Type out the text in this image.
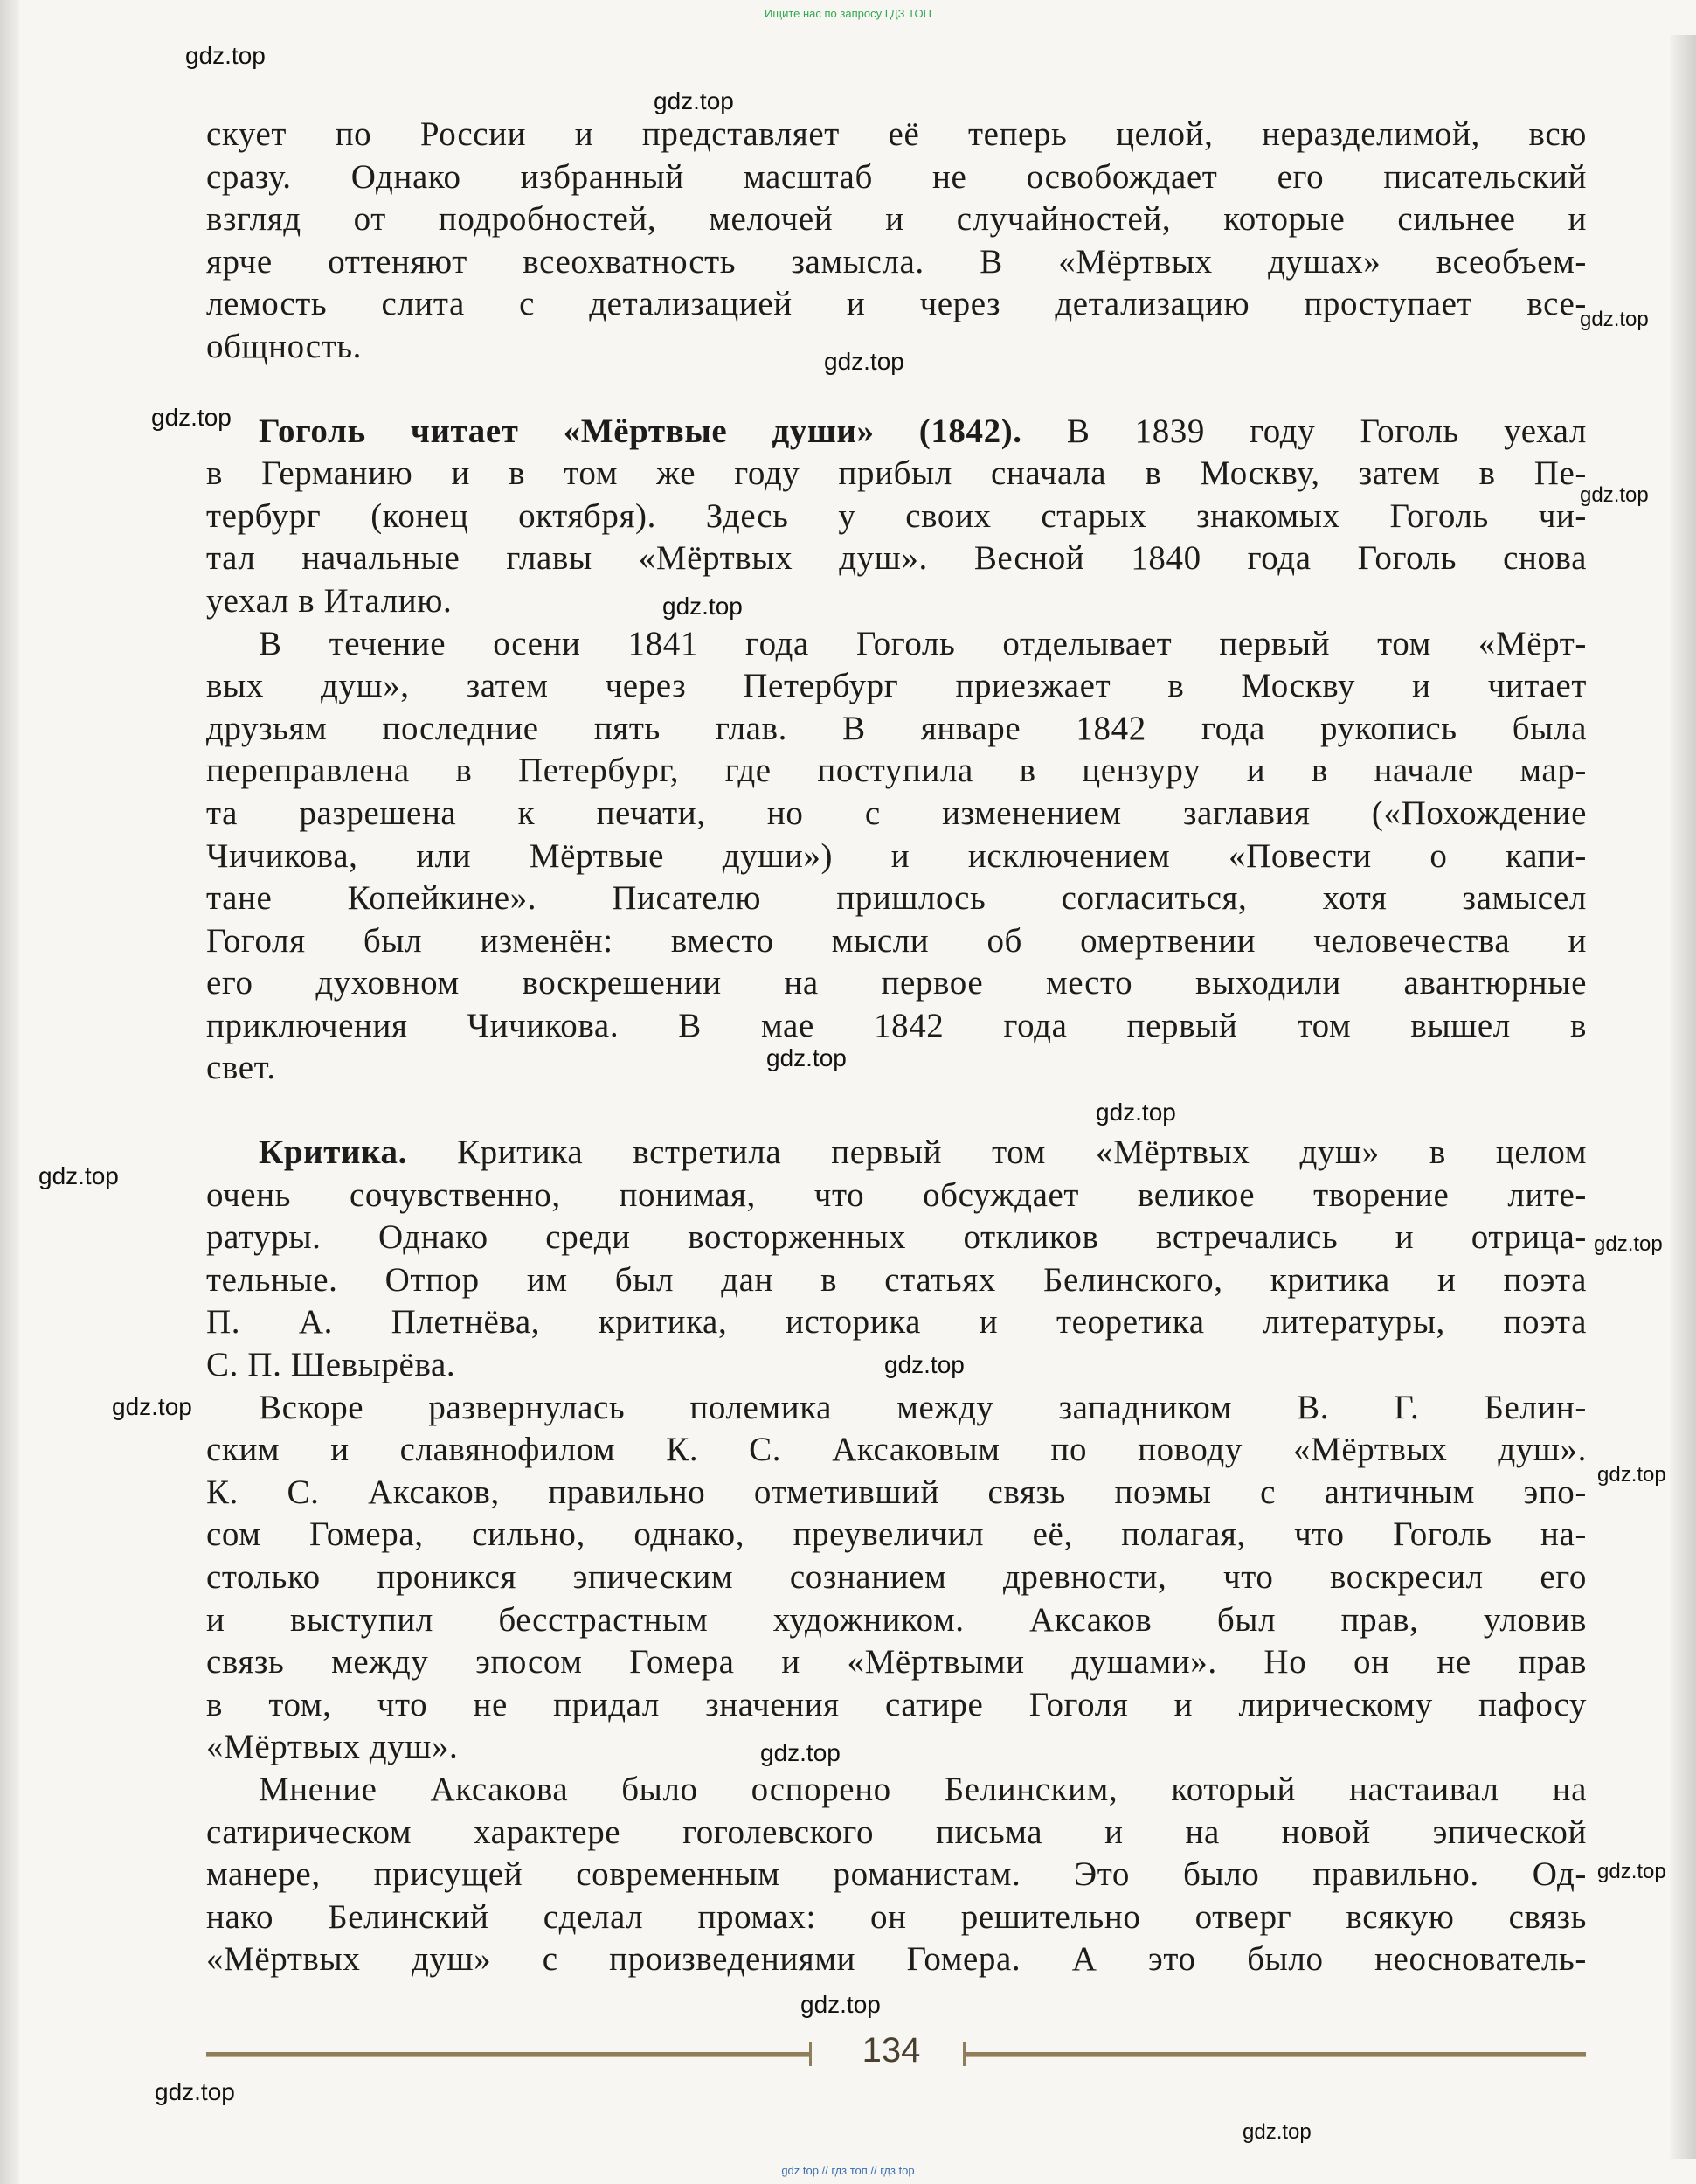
Ищите нас по запросу ГДЗ ТОП
gdz.top
gdz.top
gdz.top
gdz.top
gdz.top
gdz.top
gdz.top
gdz.top
gdz.top
gdz.top
gdz.top
gdz.top
gdz.top
gdz.top
gdz.top
gdz.top
gdz.top
gdz.top
gdz.top
скует по России и представляет её теперь целой, неразделимой, всю
сразу. Однако избранный масштаб не освобождает его писательский
взгляд от подробностей, мелочей и случайностей, которые сильнее и
ярче оттеняют всеохватность замысла. В «Мёртвых душах» всеобъем-
лемость слита с детализацией и через детализацию проступает все-
общность.
Гоголь читает «Мёртвые души» (1842). В 1839 году Гоголь уехал
в Германию и в том же году прибыл сначала в Москву, затем в Пе-
тербург (конец октября). Здесь у своих старых знакомых Гоголь чи-
тал начальные главы «Мёртвых душ». Весной 1840 года Гоголь снова
уехал в Италию.
В течение осени 1841 года Гоголь отделывает первый том «Мёрт-
вых душ», затем через Петербург приезжает в Москву и читает
друзьям последние пять глав. В январе 1842 года рукопись была
переправлена в Петербург, где поступила в цензуру и в начале мар-
та разрешена к печати, но с изменением заглавия («Похождение
Чичикова, или Мёртвые души») и исключением «Повести о капи-
тане Копейкине». Писателю пришлось согласиться, хотя замысел
Гоголя был изменён: вместо мысли об омертвении человечества и
его духовном воскрешении на первое место выходили авантюрные
приключения Чичикова. В мае 1842 года первый том вышел в
свет.
Критика. Критика встретила первый том «Мёртвых душ» в целом
очень сочувственно, понимая, что обсуждает великое творение лите-
ратуры. Однако среди восторженных откликов встречались и отрица-
тельные. Отпор им был дан в статьях Белинского, критика и поэта
П. А. Плетнёва, критика, историка и теоретика литературы, поэта
С. П. Шевырёва.
Вскоре развернулась полемика между западником В. Г. Белин-
ским и славянофилом К. С. Аксаковым по поводу «Мёртвых душ».
К. С. Аксаков, правильно отметивший связь поэмы с античным эпо-
сом Гомера, сильно, однако, преувеличил её, полагая, что Гоголь на-
столько проникся эпическим сознанием древности, что воскресил его
и выступил бесстрастным художником. Аксаков был прав, уловив
связь между эпосом Гомера и «Мёртвыми душами». Но он не прав
в том, что не придал значения сатире Гоголя и лирическому пафосу
«Мёртвых душ».
Мнение Аксакова было оспорено Белинским, который настаивал на
сатирическом характере гоголевского письма и на новой эпической
манере, присущей современным романистам. Это было правильно. Од-
нако Белинский сделал промах: он решительно отверг всякую связь
«Мёртвых душ» с произведениями Гомера. А это было неоснователь-
134
gdz top // гдз топ // гдз top
